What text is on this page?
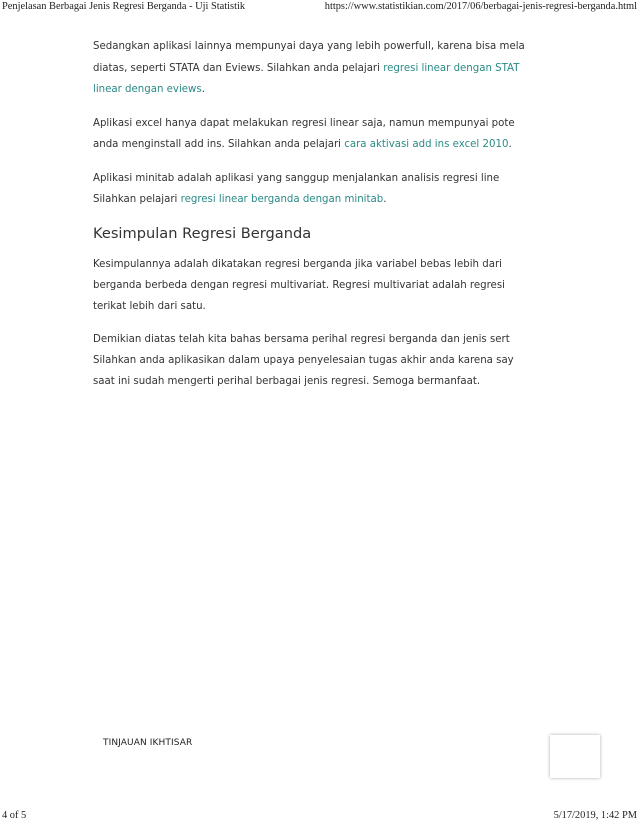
Penjelasan Berbagai Jenis Regresi Berganda - Uji Statistik	https://www.statistikian.com/2017/06/berbagai-jenis-regresi-berganda.html
Sedangkan aplikasi lainnya mempunyai daya yang lebih powerfull, karena bisa mela
diatas, seperti STATA dan Eviews. Silahkan anda pelajari regresi linear dengan STAT
linear dengan eviews.
Aplikasi excel hanya dapat melakukan regresi linear saja, namun mempunyai pote
anda menginstall add ins. Silahkan anda pelajari cara aktivasi add ins excel 2010.
Aplikasi minitab adalah aplikasi yang sanggup menjalankan analisis regresi line
Silahkan pelajari regresi linear berganda dengan minitab.
Kesimpulan Regresi Berganda
Kesimpulannya adalah dikatakan regresi berganda jika variabel bebas lebih dari
berganda berbeda dengan regresi multivariat. Regresi multivariat adalah regresi
terikat lebih dari satu.
Demikian diatas telah kita bahas bersama perihal regresi berganda dan jenis sert
Silahkan anda aplikasikan dalam upaya penyelesaian tugas akhir anda karena say
saat ini sudah mengerti perihal berbagai jenis regresi. Semoga bermanfaat.
TINJAUAN IKHTISAR
4 of 5	5/17/2019, 1:42 PM
